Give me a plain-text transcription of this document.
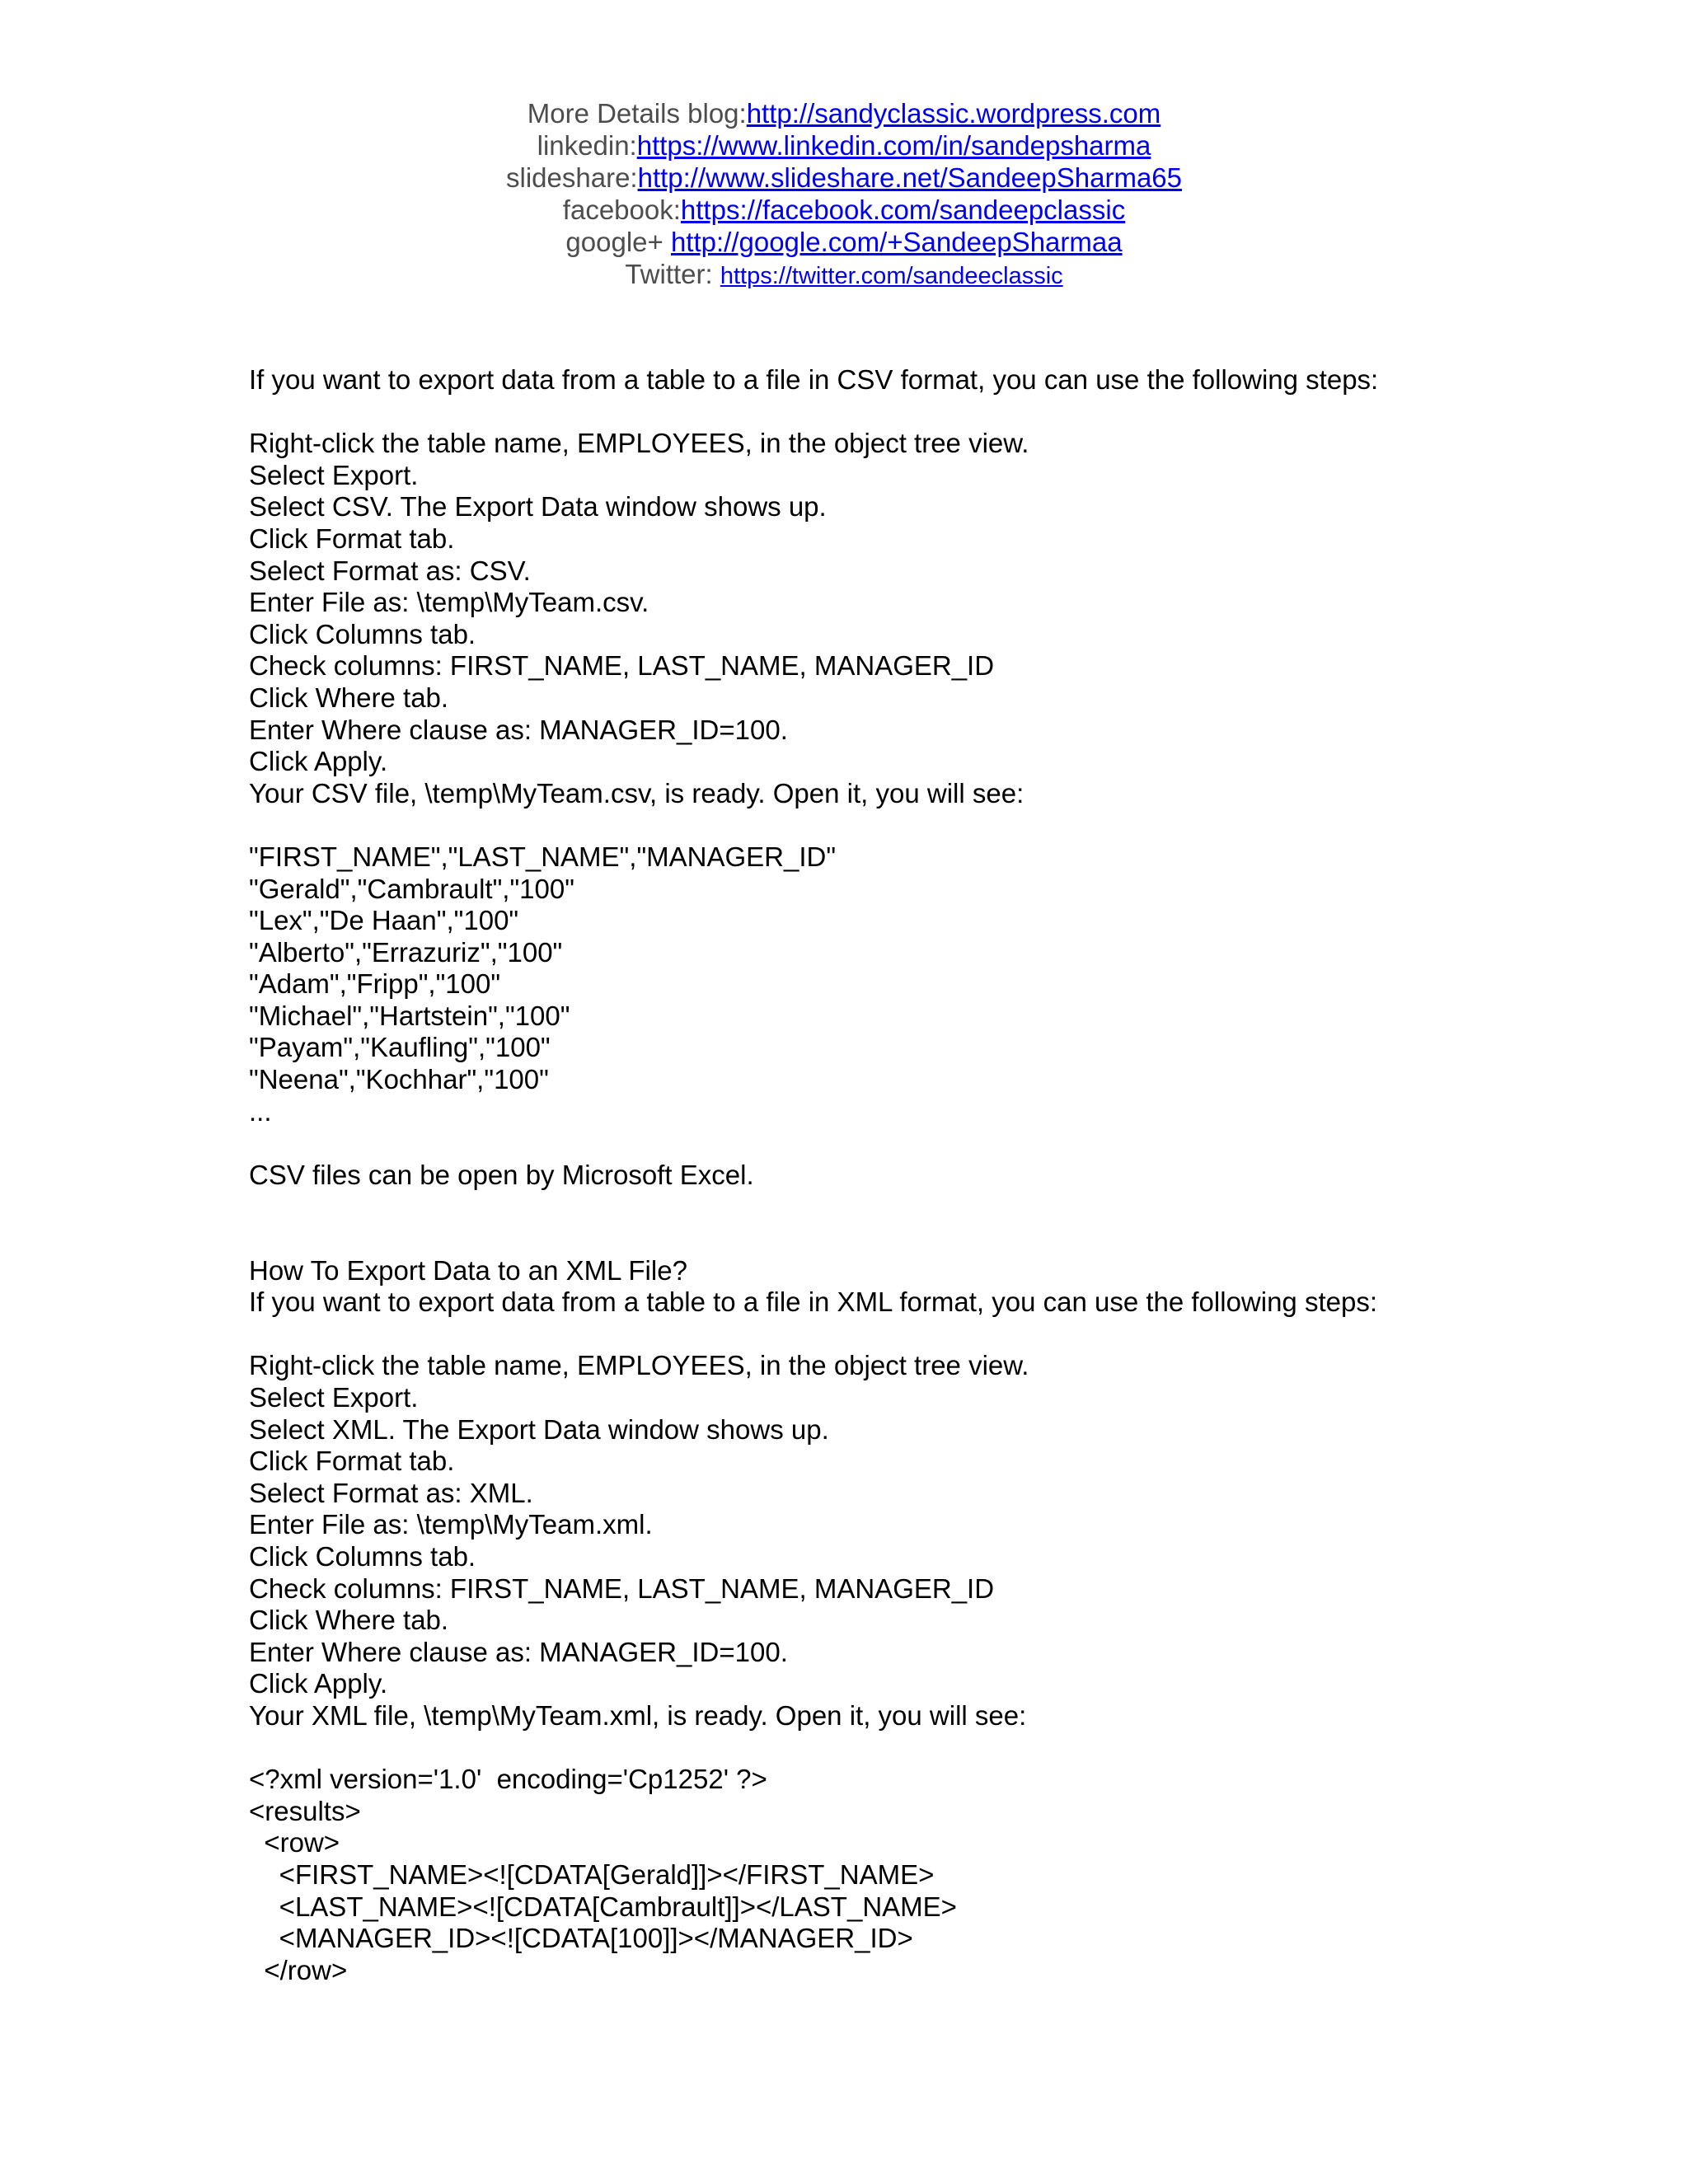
More Details blog:http://sandyclassic.wordpress.com
linkedin:https://www.linkedin.com/in/sandepsharma
slideshare:http://www.slideshare.net/SandeepSharma65
facebook:https://facebook.com/sandeepclassic
google+ http://google.com/+SandeepSharmaa
Twitter: https://twitter.com/sandeeclassic
If you want to export data from a table to a file in CSV format, you can use the following steps:
Right-click the table name, EMPLOYEES, in the object tree view.
Select Export.
Select CSV. The Export Data window shows up.
Click Format tab.
Select Format as: CSV.
Enter File as: \temp\MyTeam.csv.
Click Columns tab.
Check columns: FIRST_NAME, LAST_NAME, MANAGER_ID
Click Where tab.
Enter Where clause as: MANAGER_ID=100.
Click Apply.
Your CSV file, \temp\MyTeam.csv, is ready. Open it, you will see:
"FIRST_NAME","LAST_NAME","MANAGER_ID"
"Gerald","Cambrault","100"
"Lex","De Haan","100"
"Alberto","Errazuriz","100"
"Adam","Fripp","100"
"Michael","Hartstein","100"
"Payam","Kaufling","100"
"Neena","Kochhar","100"
...
CSV files can be open by Microsoft Excel.
How To Export Data to an XML File?
If you want to export data from a table to a file in XML format, you can use the following steps:
Right-click the table name, EMPLOYEES, in the object tree view.
Select Export.
Select XML. The Export Data window shows up.
Click Format tab.
Select Format as: XML.
Enter File as: \temp\MyTeam.xml.
Click Columns tab.
Check columns: FIRST_NAME, LAST_NAME, MANAGER_ID
Click Where tab.
Enter Where clause as: MANAGER_ID=100.
Click Apply.
Your XML file, \temp\MyTeam.xml, is ready. Open it, you will see:
<?xml version='1.0'  encoding='Cp1252' ?>
<results>
<row>
<FIRST_NAME><![CDATA[Gerald]]></FIRST_NAME>
<LAST_NAME><![CDATA[Cambrault]]></LAST_NAME>
<MANAGER_ID><![CDATA[100]]></MANAGER_ID>
</row>
